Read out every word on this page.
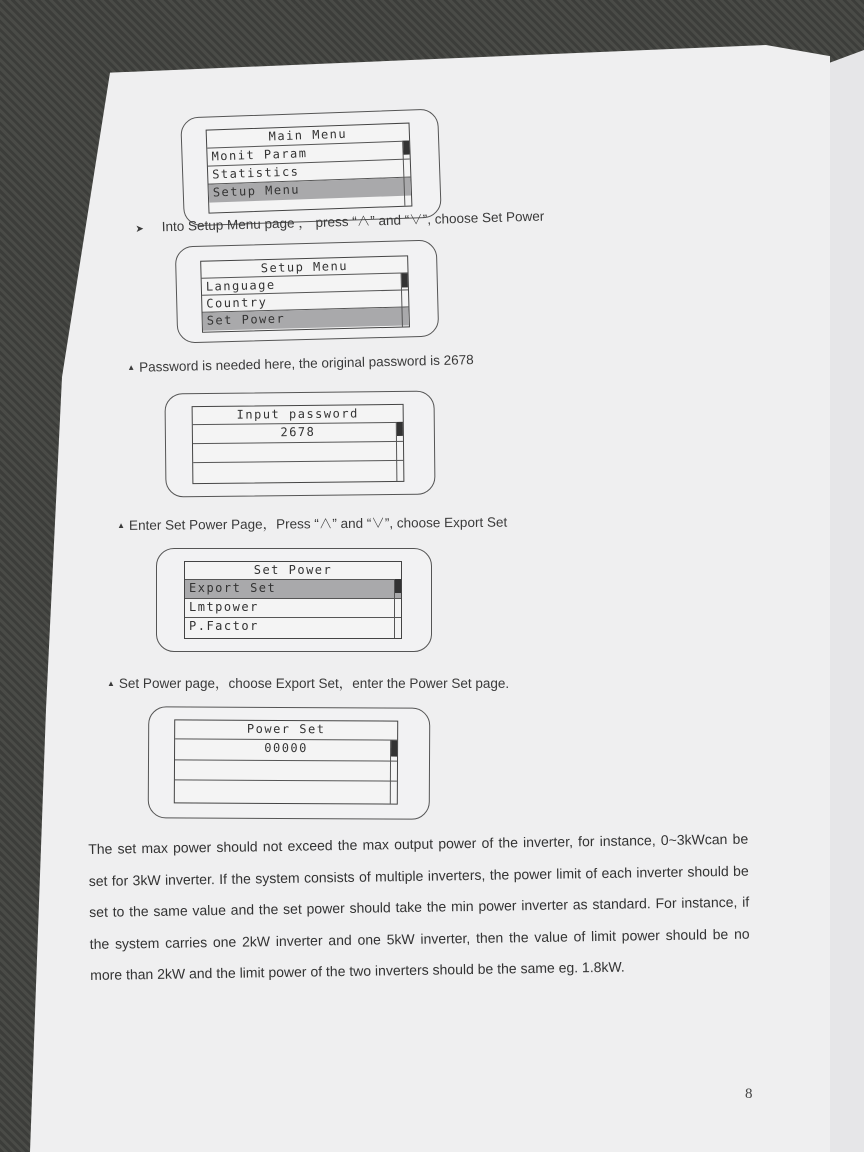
Main Menu
Monit Param
Statistics
Setup Menu
➤ Into Setup Menu page ， press “∧” and “∨”, choose Set Power
Setup Menu
Language
Country
Set Power
▲ Password is needed here, the original password is 2678
Input password
2678
▲ Enter Set Power Page，Press “∧” and “∨”, choose Export Set
Set Power
Export Set
Lmtpower
P.Factor
▲ Set Power page，choose Export Set，enter the Power Set page.
Power Set
00000
The set max power should not exceed the max output power of the inverter, for instance, 0~3kWcan be set for 3kW inverter. If the system consists of multiple inverters, the power limit of each inverter should be set to the same value and the set power should take the min power inverter as standard. For instance, if the system carries one 2kW inverter and one 5kW inverter, then the value of limit power should be no more than 2kW and the limit power of the two inverters should be the same eg. 1.8kW.
8
